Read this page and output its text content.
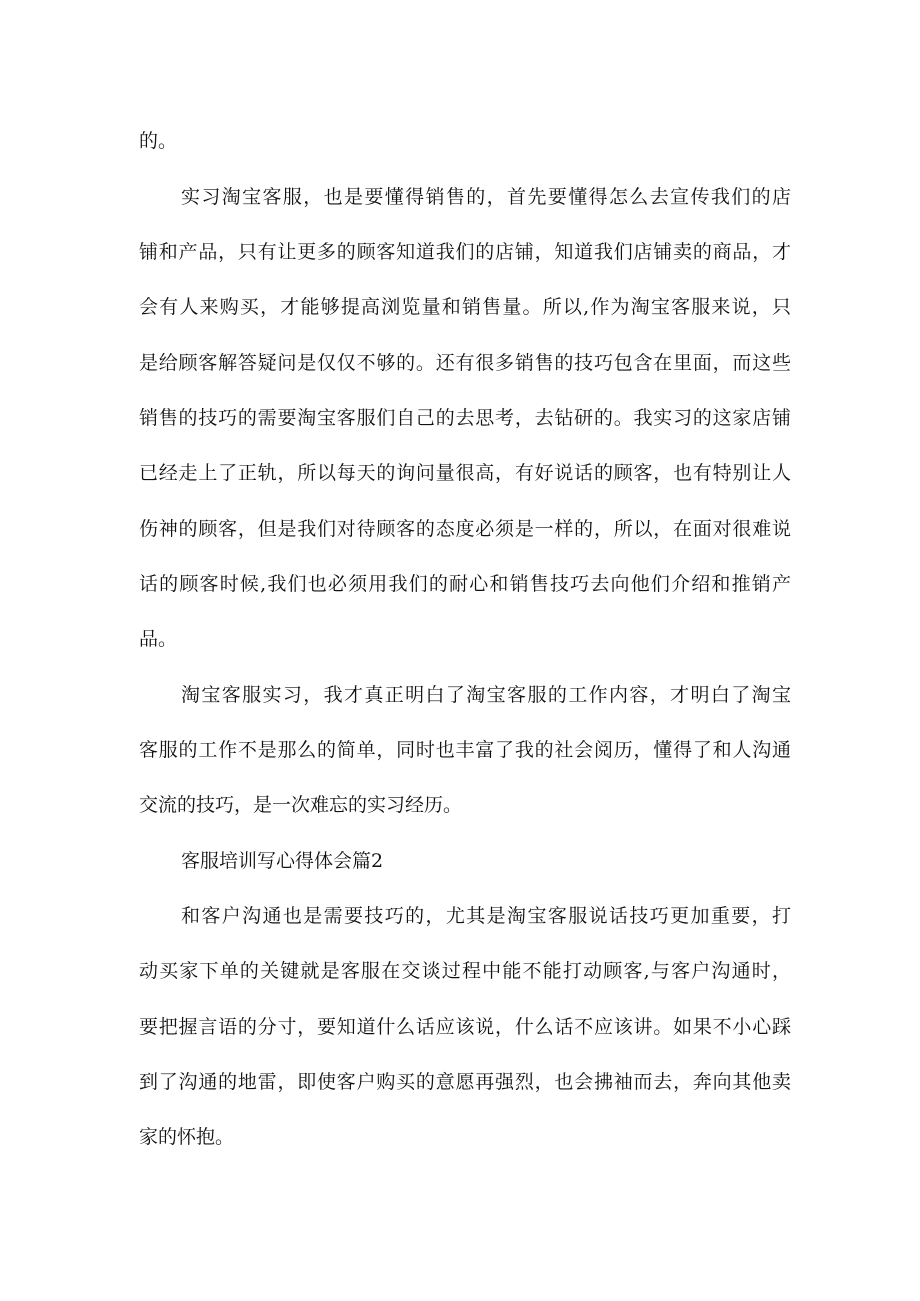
的。
实习淘宝客服，也是要懂得销售的，首先要懂得怎么去宣传我们的店
铺和产品，只有让更多的顾客知道我们的店铺，知道我们店铺卖的商品，才
会有人来购买，才能够提高浏览量和销售量。所以,作为淘宝客服来说，只
是给顾客解答疑问是仅仅不够的。还有很多销售的技巧包含在里面，而这些
销售的技巧的需要淘宝客服们自己的去思考，去钻研的。我实习的这家店铺
已经走上了正轨，所以每天的询问量很高，有好说话的顾客，也有特别让人
伤神的顾客，但是我们对待顾客的态度必须是一样的，所以，在面对很难说
话的顾客时候,我们也必须用我们的耐心和销售技巧去向他们介绍和推销产
品。
淘宝客服实习，我才真正明白了淘宝客服的工作内容，才明白了淘宝
客服的工作不是那么的简单，同时也丰富了我的社会阅历，懂得了和人沟通
交流的技巧，是一次难忘的实习经历。
客服培训写心得体会篇2
和客户沟通也是需要技巧的，尤其是淘宝客服说话技巧更加重要，打
动买家下单的关键就是客服在交谈过程中能不能打动顾客,与客户沟通时，
要把握言语的分寸，要知道什么话应该说，什么话不应该讲。如果不小心踩
到了沟通的地雷，即使客户购买的意愿再强烈，也会拂袖而去，奔向其他卖
家的怀抱。
